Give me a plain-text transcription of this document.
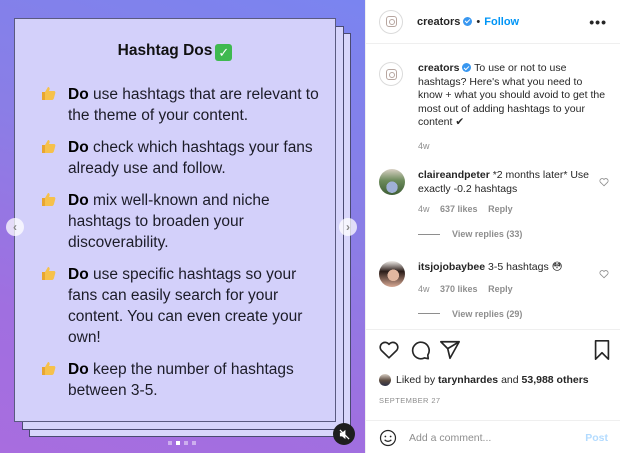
Hashtag Dos ✓
Do use hashtags that are relevant to the theme of your content.
Do check which hashtags your fans already use and follow.
Do mix well-known and niche hashtags to broaden your discoverability.
Do use specific hashtags so your fans can easily search for your content. You can even create your own!
Do keep the number of hashtags between 3-5.
‹	›
creators	• Follow	•••
creators To use or not to use hashtags? Here's what you need to know + what you should avoid to get the most out of adding hashtags to your content ✔
4w
claireandpeter *2 months later* Use exactly -0.2 hashtags
4w 637 likes Reply
View replies (33)
itsjojobaybee 3-5 hashtags 😳
4w 370 likes Reply
View replies (29)
Liked by
tarynhardes
and
53,988 others
SEPTEMBER 27
Add a comment...
Post
